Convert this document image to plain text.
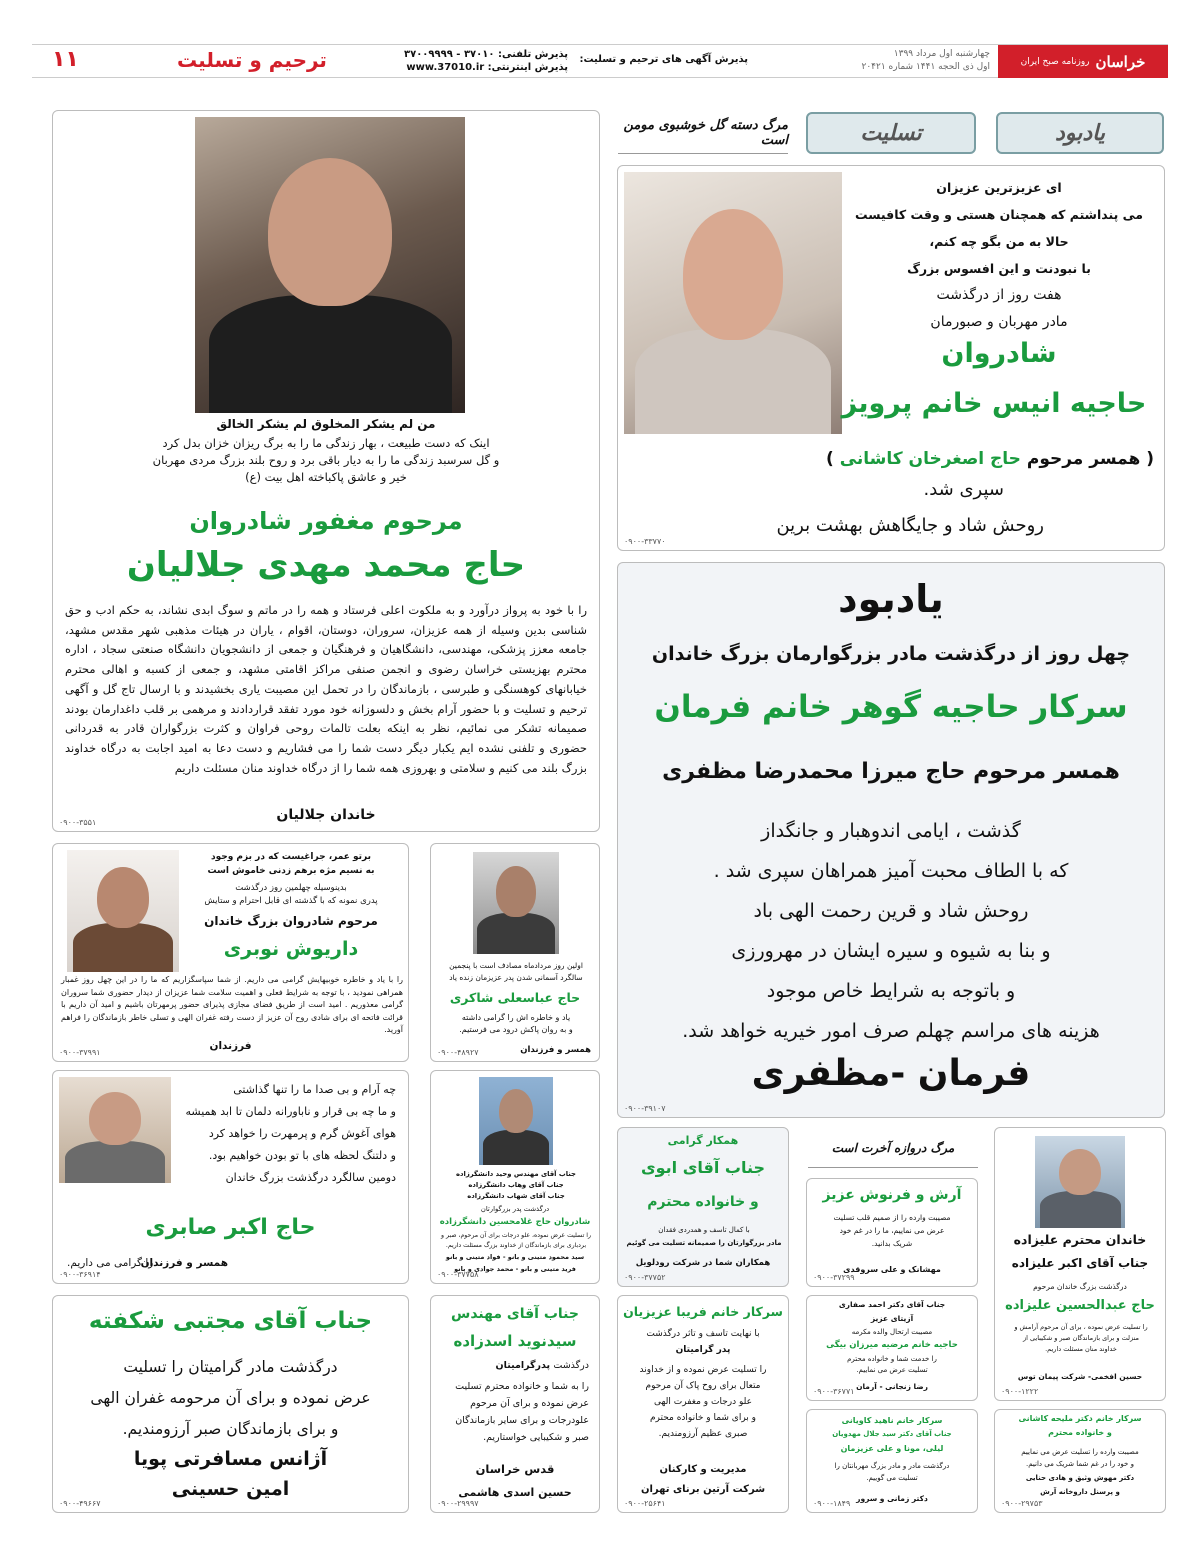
خراسان
روزنامه صبح ایران
چهارشنبه اول مرداد ۱۳۹۹
اول ذی الحجه ۱۴۴۱ شماره ۲۰۴۲۱
پذیرش آگهی های ترحیم و تسلیت:
پذیرش تلفنی: ۳۷۰۱۰ - ۳۷۰۰۹۹۹۹
پذیرش اینترنتی: www.37010.ir
ترحیم و تسلیت
۱۱
یادبود
تسلیت
مرگ دسته گل خوشبوی مومن است

ای عزیزترین عزیزان

می پنداشتم که همچنان هستی و وقت کافیست

حالا به من بگو چه کنم،

با نبودنت و این افسوس بزرگ

هفت روز از درگذشت

مادر مهربان و صبورمان

شادروان
حاجیه انیس خانم پرویز
( همسر مرحوم حاج اصغرخان کاشانی )
سپری شد.
روحش شاد و جایگاهش بهشت برین
۰۹۰۰-۳۳۷۷۰
یادبود
چهل روز از درگذشت مادر بزرگوارمان بزرگ خاندان
سرکار حاجیه گوهر خانم فرمان
همسر مرحوم حاج میرزا محمدرضا مظفری

گذشت ، ایامی اندوهبار و جانگداز

که با الطاف محبت آمیز همراهان سپری شد .

روحش شاد و قرین رحمت الهی باد

و بنا به شیوه و سیره ایشان در مهرورزی

و باتوجه به شرایط خاص موجود

هزینه های مراسم چهلم صرف امور خیریه خواهد شد.

فرمان -مظفری
۰۹۰۰-۳۹۱۰۷
من لم یشکر المخلوق لم یشکر الخالق

اینک که دست طبیعت ، بهار زندگی ما را به برگ ریزان خزان بدل کرد

و گل سرسبد زندگی ما را به دیار باقی برد و روح بلند بزرگ مردی مهربان

خیر و عاشق پاکباخته اهل بیت (ع)

مرحوم مغفور شادروان
حاج محمد مهدی جلالیان
را با خود به پرواز درآورد و به ملکوت اعلی فرستاد و همه را در ماتم و سوگ ابدی نشاند، به حکم ادب و حق شناسی بدین وسیله از همه عزیزان، سروران، دوستان، اقوام ، یاران در هیئات مذهبی شهر مقدس مشهد، جامعه معزز پزشکی، مهندسی، دانشگاهیان و فرهنگیان و جمعی از دانشجویان دانشگاه صنعتی سجاد ، اداره محترم بهزیستی خراسان رضوی و انجمن صنفی مراکز اقامتی مشهد، و جمعی از کسبه و اهالی محترم خیابانهای کوهسنگی و طبرسی ، بازماندگان را در تحمل این مصیبت یاری بخشیدند و با ارسال تاج گل و آگهی ترحیم و تسلیت و با حضور آرام بخش و دلسوزانه خود مورد تفقد قراردادند و مرهمی بر قلب داغدارمان بودند صمیمانه تشکر می نمائیم، نظر به اینکه بعلت تالمات روحی فراوان و کثرت بزرگواران قادر به قدردانی حضوری و تلفنی نشده ایم یکبار دیگر دست شما را می فشاریم و دست دعا به امید اجابت به درگاه خداوند بزرگ بلند می کنیم و سلامتی و بهروزی همه شما را از درگاه خداوند منان مسئلت داریم
خاندان جلالیان
۰۹۰۰-۳۵۵۱

برتو عمر، جراغیست که در بزم وجود

به نسیم مژه برهم زدنی خاموش است

بدینوسیله چهلمین روز درگذشت

پدری نمونه که با گذشته ای قابل احترام و ستایش

مرحوم شادروان بزرگ خاندان
داریوش نوبری
را با یاد و خاطره خوبیهایش گرامی می داریم. از شما سپاسگزاریم که ما را در این چهل روز غمبار همراهی نمودید ، با توجه به شرایط فعلی و اهمیت سلامت شما عزیزان از دیدار حضوری شما سروران گرامی معذوریم . امید است از طریق فضای مجازی پذیرای حضور پرمهرتان باشیم و امید آن داریم با قرائت فاتحه ای برای شادی روح آن عزیز از دست رفته غفران الهی و تسلی خاطر بازماندگان را فراهم آورید.
فرزندان
۰۹۰۰-۳۷۹۹۱

اولین روز مردادماه مصادف است با پنجمین

سالگرد آسمانی شدن پدر عزیزمان زنده یاد

حاج عباسعلی شاکری

یاد و خاطره اش را گرامی داشته

و به روان پاکش درود می فرستیم.

همسر و فرزندان
۰۹۰۰-۴۸۹۲۷

چه آرام و بی صدا ما را تنها گذاشتی

و ما چه بی قرار و ناباورانه دلمان تا ابد همیشه

هوای آغوش گرم و پرمهرت را خواهد کرد

و دلتنگ لحظه های با تو بودن خواهیم بود.

دومین سالگرد درگذشت بزرگ خاندان

حاج اکبر صابری
را گرامی می داریم.
همسر و فرزندان
۰۹۰۰-۳۶۹۱۴

جناب آقای مهندس وحید دانشگرزاده

جناب آقای وهاب دانشگرزاده

جناب آقای شهاب دانشگرزاده

درگذشت پدر بزرگوارتان
شادروان حاج غلامحسین دانشگرزاده
را تسلیت عرض نموده، علو درجات برای آن مرحوم، صبر و بردباری برای بازماندگان از خداوند بزرگ مسئلت داریم.
سید محمود متینی و بانو - فواد متینی و بانو
فرید متینی و بانو - محمد جوادی و بانو
۰۹۰۰-۳۷۷۵۸
جناب آقای مجتبی شکفته

درگذشت مادر گرامیتان را تسلیت

عرض نموده و برای آن مرحومه غفران الهی

و برای بازماندگان صبر آرزومندیم.

آژانس مسافرتی پویا
امین حسینی
۰۹۰۰-۴۹۶۶۷
جناب آقای مهندس
سیدنوید اسدزاده
درگذشت پدرگرامیتان

را به شما و خانواده محترم تسلیت

عرض نموده و برای آن مرحوم

علودرجات و برای سایر بازماندگان

صبر و شکیبایی خواستاریم.

قدس خراسان
حسین اسدی هاشمی
۰۹۰۰-۲۹۹۹۷
همکار گرامی
جناب آقای ابوی
و خانواده محترم

با کمال تاسف و همدردی فقدان

مادر بزرگوارتان را صمیمانه تسلیت می گوئیم

همکاران شما در شرکت رودلویل
۰۹۰۰-۳۷۷۵۲
سرکار خانم فریبا عزیزیان

با نهایت تاسف و تاثر درگذشت

پدر گرامیتان

را تسلیت عرض نموده و از خداوند

متعال برای روح پاک آن مرحوم

علو درجات و مغفرت الهی

و برای شما و خانواده محترم

صبری عظیم آرزومندیم.

مدیریت و کارکنان
شرکت آرتین برنای تهران
۰۹۰۰-۲۵۶۴۱
مرگ دروازه آخرت است
آرش و فرنوش عزیز

مصیبت وارده را از صمیم قلب تسلیت

عرض می نماییم، ما را در غم خود

شریک بدانید.

مهشانک و علی سروقدی
۰۹۰۰-۳۷۲۹۹
جناب آقای دکتر احمد صفاری
آزیتای عزیز
مصیبت ارتحال والده مکرمه
حاجیه خانم مرضیه میرزان بیگی

را خدمت شما و خانواده محترم

تسلیت عرض می نماییم.

رضا زنجانی - آرمان
۰۹۰۰-۳۶۷۷۱
سرکار خانم ناهید کاویانی
جناب آقای دکتر سید جلال مهدویان
لیلی، مونا و علی عزیزمان

درگذشت مادر و مادر بزرگ مهربانتان را

تسلیت می گوییم.

دکتر زمانی و سرور
۰۹۰۰-۱۸۴۹
خاندان محترم علیزاده
جناب آقای اکبر علیزاده
درگذشت بزرگ خاندان مرحوم
حاج عبدالحسین علیزاده

را تسلیت عرض نموده ، برای آن مرحوم آرامش و

منزلت و برای بازماندگان صبر و شکیبایی از

خداوند منان مسئلت داریم.

حسین افخمی- شرکت پیمان توس
۰۹۰۰-۱۲۲۲
سرکار خانم دکتر ملیحه کاشانی
و خانواده محترم

مصیبت وارده را تسلیت عرض می نماییم

و خود را در غم شما شریک می دانیم.

دکتر مهوش وثیق و هادی حنایی
و پرسنل داروخانه آرش
۰۹۰۰-۲۹۷۵۳
